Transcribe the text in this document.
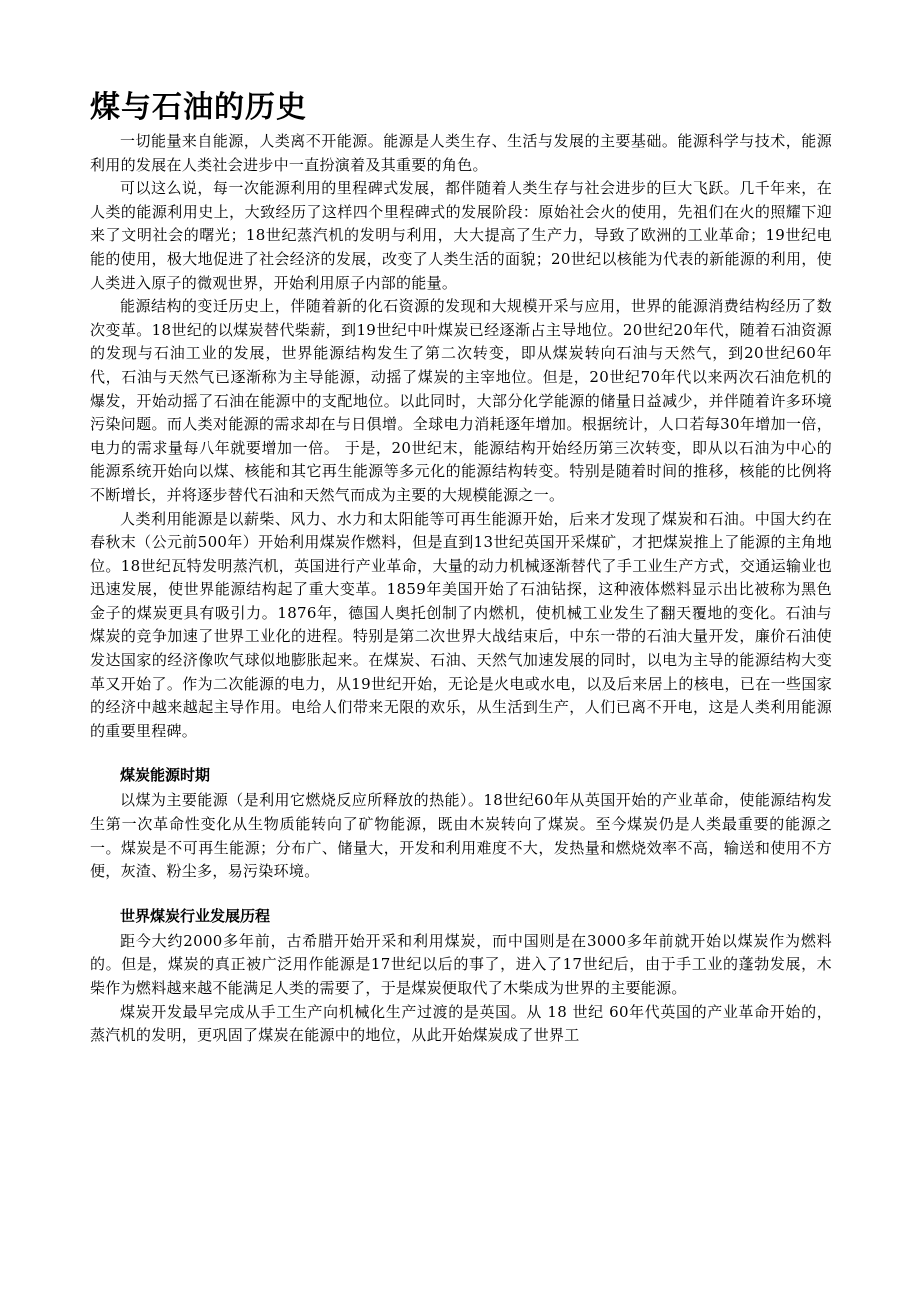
煤与石油的历史

一切能量来自能源，人类离不开能源。能源是人类生存、生活与发展的主要基础。能源科学与技术，能源利用的发展在人类社会进步中一直扮演着及其重要的角色。

可以这么说，每一次能源利用的里程碑式发展，都伴随着人类生存与社会进步的巨大飞跃。几千年来，在人类的能源利用史上，大致经历了这样四个里程碑式的发展阶段：原始社会火的使用，先祖们在火的照耀下迎来了文明社会的曙光；18世纪蒸汽机的发明与利用，大大提高了生产力，导致了欧洲的工业革命；19世纪电能的使用，极大地促进了社会经济的发展，改变了人类生活的面貌；20世纪以核能为代表的新能源的利用，使人类进入原子的微观世界，开始利用原子内部的能量。

能源结构的变迁历史上，伴随着新的化石资源的发现和大规模开采与应用，世界的能源消费结构经历了数次变革。18世纪的以煤炭替代柴薪，到19世纪中叶煤炭已经逐渐占主导地位。20世纪20年代，随着石油资源的发现与石油工业的发展，世界能源结构发生了第二次转变，即从煤炭转向石油与天然气，到20世纪60年代，石油与天然气已逐渐称为主导能源，动摇了煤炭的主宰地位。但是，20世纪70年代以来两次石油危机的爆发，开始动摇了石油在能源中的支配地位。以此同时，大部分化学能源的储量日益减少，并伴随着许多环境污染问题。而人类对能源的需求却在与日俱增。全球电力消耗逐年增加。根据统计，人口若每30年增加一倍，电力的需求量每八年就要增加一倍。 于是，20世纪末，能源结构开始经历第三次转变，即从以石油为中心的能源系统开始向以煤、核能和其它再生能源等多元化的能源结构转变。特别是随着时间的推移，核能的比例将不断增长，并将逐步替代石油和天然气而成为主要的大规模能源之一。

人类利用能源是以薪柴、风力、水力和太阳能等可再生能源开始，后来才发现了煤炭和石油。中国大约在春秋末（公元前500年）开始利用煤炭作燃料，但是直到13世纪英国开采煤矿，才把煤炭推上了能源的主角地位。18世纪瓦特发明蒸汽机，英国进行产业革命，大量的动力机械逐渐替代了手工业生产方式，交通运输业也迅速发展，使世界能源结构起了重大变革。1859年美国开始了石油钻探，这种液体燃料显示出比被称为黑色金子的煤炭更具有吸引力。1876年，德国人奥托创制了内燃机，使机械工业发生了翻天覆地的变化。石油与煤炭的竞争加速了世界工业化的进程。特别是第二次世界大战结束后，中东一带的石油大量开发，廉价石油使发达国家的经济像吹气球似地膨胀起来。在煤炭、石油、天然气加速发展的同时，以电为主导的能源结构大变革又开始了。作为二次能源的电力，从19世纪开始，无论是火电或水电，以及后来居上的核电，已在一些国家的经济中越来越起主导作用。电给人们带来无限的欢乐，从生活到生产，人们已离不开电，这是人类利用能源的重要里程碑。

煤炭能源时期

以煤为主要能源（是利用它燃烧反应所释放的热能）。18世纪60年从英国开始的产业革命，使能源结构发生第一次革命性变化从生物质能转向了矿物能源，既由木炭转向了煤炭。至今煤炭仍是人类最重要的能源之一。煤炭是不可再生能源；分布广、储量大，开发和利用难度不大，发热量和燃烧效率不高，输送和使用不方便，灰渣、粉尘多，易污染环境。

世界煤炭行业发展历程

距今大约2000多年前，古希腊开始开采和利用煤炭，而中国则是在3000多年前就开始以煤炭作为燃料的。但是，煤炭的真正被广泛用作能源是17世纪以后的事了，进入了17世纪后，由于手工业的蓬勃发展，木柴作为燃料越来越不能满足人类的需要了，于是煤炭便取代了木柴成为世界的主要能源。

煤炭开发最早完成从手工生产向机械化生产过渡的是英国。从 18 世纪 60年代英国的产业革命开始的，蒸汽机的发明，更巩固了煤炭在能源中的地位，从此开始煤炭成了世界工
